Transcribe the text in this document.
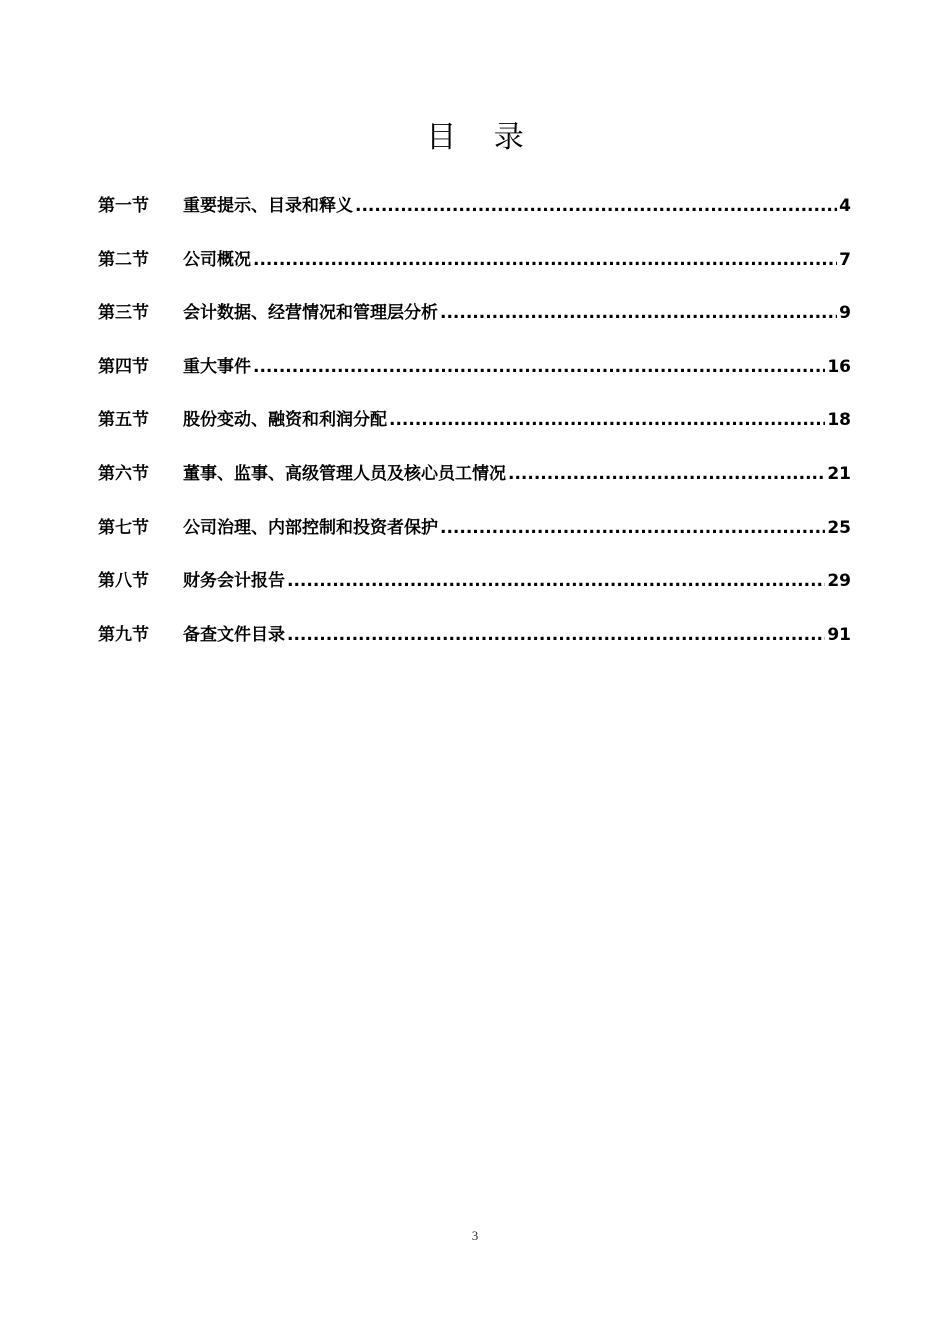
目 录
第一节	重要提示、目录和释义 .....	4
第二节	公司概况 .....	7
第三节	会计数据、经营情况和管理层分析 .....	9
第四节	重大事件 .....	16
第五节	股份变动、融资和利润分配 .....	18
第六节	董事、监事、高级管理人员及核心员工情况 .....	21
第七节	公司治理、内部控制和投资者保护 .....	25
第八节	财务会计报告 .....	29
第九节	备查文件目录 .....	91
3
